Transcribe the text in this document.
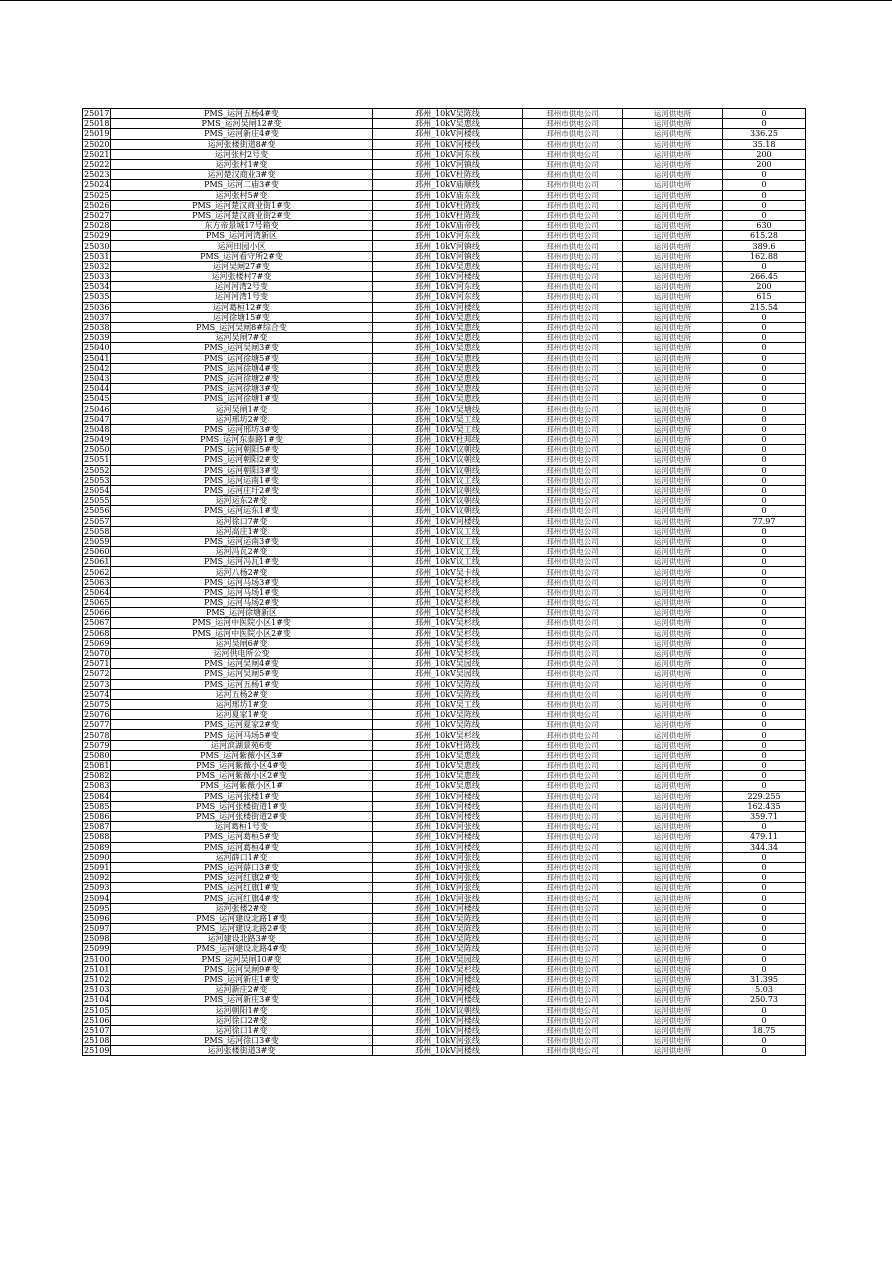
25017	PMS_运河五杨4#变	邳州_10kV吴陈线	邳州市供电公司	运河供电所	0
25018	PMS_运河吴闸12#变	邳州_10kV吴惠线	邳州市供电公司	运河供电所	0
25019	PMS_运河新庄4#变	邳州_10kV河楼线	邳州市供电公司	运河供电所	336.25
25020	运河张楼街道8#变	邳州_10kV河楼线	邳州市供电公司	运河供电所	35.18
25021	运河张村2号变	邳州_10kV河东线	邳州市供电公司	运河供电所	200
25022	运河张村1#变	邳州_10kV河镇线	邳州市供电公司	运河供电所	200
25023	运河楚汉商业3#变	邳州_10kV杜陈线	邳州市供电公司	运河供电所	0
25024	PMS_运河二庙3#变	邳州_10kV庙顺线	邳州市供电公司	运河供电所	0
25025	运河张村5#变	邳州_10kV庙东线	邳州市供电公司	运河供电所	0
25026	PMS_运河楚汉商业街1#变	邳州_10kV杜陈线	邳州市供电公司	运河供电所	0
25027	PMS_运河楚汉商业街2#变	邳州_10kV杜陈线	邳州市供电公司	运河供电所	0
25028	东方帝景城17号箱变	邳州_10kV庙帝线	邳州市供电公司	运河供电所	630
25029	PMS_运河河湾新区	邳州_10kV河东线	邳州市供电公司	运河供电所	615.28
25030	运河田园小区	邳州_10kV河镇线	邳州市供电公司	运河供电所	389.6
25031	PMS_运河看守所2#变	邳州_10kV河镇线	邳州市供电公司	运河供电所	162.88
25032	运河吴闸27#变	邳州_10kV吴惠线	邳州市供电公司	运河供电所	0
25033	运河张楼村7#变	邳州_10kV河楼线	邳州市供电公司	运河供电所	266.45
25034	运河河湾2号变	邳州_10kV河东线	邳州市供电公司	运河供电所	200
25035	运河河湾1号变	邳州_10kV河东线	邳州市供电公司	运河供电所	615
25036	运河葛桓12#变	邳州_10kV河楼线	邳州市供电公司	运河供电所	215.54
25037	运河徐塘15#变	邳州_10kV吴惠线	邳州市供电公司	运河供电所	0
25038	PMS_运河吴闸8#综合变	邳州_10kV吴惠线	邳州市供电公司	运河供电所	0
25039	运河吴闸7#变	邳州_10kV吴惠线	邳州市供电公司	运河供电所	0
25040	PMS_运河吴闸3#变	邳州_10kV吴惠线	邳州市供电公司	运河供电所	0
25041	PMS_运河徐塘5#变	邳州_10kV吴惠线	邳州市供电公司	运河供电所	0
25042	PMS_运河徐塘4#变	邳州_10kV吴惠线	邳州市供电公司	运河供电所	0
25043	PMS_运河徐塘2#变	邳州_10kV吴惠线	邳州市供电公司	运河供电所	0
25044	PMS_运河徐塘3#变	邳州_10kV吴惠线	邳州市供电公司	运河供电所	0
25045	PMS_运河徐塘1#变	邳州_10kV吴惠线	邳州市供电公司	运河供电所	0
25046	运河吴闸1#变	邳州_10kV吴塘线	邳州市供电公司	运河供电所	0
25047	运河邢坊2#变	邳州_10kV吴工线	邳州市供电公司	运河供电所	0
25048	PMS_运河邢坊3#变	邳州_10kV吴工线	邳州市供电公司	运河供电所	0
25049	PMS_运河东泰路1#变	邳州_10kV杜邦线	邳州市供电公司	运河供电所	0
25050	PMS_运河朝阳5#变	邳州_10kV议朝线	邳州市供电公司	运河供电所	0
25051	PMS_运河朝阳2#变	邳州_10kV议朝线	邳州市供电公司	运河供电所	0
25052	PMS_运河朝阳3#变	邳州_10kV议朝线	邳州市供电公司	运河供电所	0
25053	PMS_运河运南1#变	邳州_10kV议工线	邳州市供电公司	运河供电所	0
25054	PMS_运河庄圩2#变	邳州_10kV议朝线	邳州市供电公司	运河供电所	0
25055	运河运东2#变	邳州_10kV议朝线	邳州市供电公司	运河供电所	0
25056	PMS_运河运东1#变	邳州_10kV议朝线	邳州市供电公司	运河供电所	0
25057	运河徐口7#变	邳州_10kV河楼线	邳州市供电公司	运河供电所	77.97
25058	运河高庄1#变	邳州_10kV议工线	邳州市供电公司	运河供电所	0
25059	PMS_运河运南3#变	邳州_10kV议工线	邳州市供电公司	运河供电所	0
25060	运河冯瓦2#变	邳州_10kV议工线	邳州市供电公司	运河供电所	0
25061	PMS_运河冯瓦1#变	邳州_10kV议工线	邳州市供电公司	运河供电所	0
25062	运河八杨2#变	邳州_10kV吴卡线	邳州市供电公司	运河供电所	0
25063	PMS_运河马场3#变	邳州_10kV吴杉线	邳州市供电公司	运河供电所	0
25064	PMS_运河马场1#变	邳州_10kV吴杉线	邳州市供电公司	运河供电所	0
25065	PMS_运河马场2#变	邳州_10kV吴杉线	邳州市供电公司	运河供电所	0
25066	PMS_运河徐塘新区	邳州_10kV吴杉线	邳州市供电公司	运河供电所	0
25067	PMS_运河中医院小区1#变	邳州_10kV吴杉线	邳州市供电公司	运河供电所	0
25068	PMS_运河中医院小区2#变	邳州_10kV吴杉线	邳州市供电公司	运河供电所	0
25069	运河吴闸6#变	邳州_10kV吴杉线	邳州市供电公司	运河供电所	0
25070	运河供电所公变	邳州_10kV吴杉线	邳州市供电公司	运河供电所	0
25071	PMS_运河吴闸4#变	邳州_10kV吴园线	邳州市供电公司	运河供电所	0
25072	PMS_运河吴闸5#变	邳州_10kV吴园线	邳州市供电公司	运河供电所	0
25073	PMS_运河五杨1#变	邳州_10kV吴陈线	邳州市供电公司	运河供电所	0
25074	运河五杨2#变	邳州_10kV吴陈线	邳州市供电公司	运河供电所	0
25075	运河邢坊1#变	邳州_10kV吴工线	邳州市供电公司	运河供电所	0
25076	运河夏家1#变	邳州_10kV吴陈线	邳州市供电公司	运河供电所	0
25077	PMS_运河夏家2#变	邳州_10kV吴陈线	邳州市供电公司	运河供电所	0
25078	PMS_运河马场5#变	邳州_10kV吴杉线	邳州市供电公司	运河供电所	0
25079	运河滨湖景苑6变	邳州_10kV杜陈线	邳州市供电公司	运河供电所	0
25080	PMS_运河紫薇小区3#	邳州_10kV吴惠线	邳州市供电公司	运河供电所	0
25081	PMS_运河紫薇小区4#变	邳州_10kV吴惠线	邳州市供电公司	运河供电所	0
25082	PMS_运河紫薇小区2#变	邳州_10kV吴惠线	邳州市供电公司	运河供电所	0
25083	PMS_运河紫薇小区1#	邳州_10kV吴惠线	邳州市供电公司	运河供电所	0
25084	PMS_运河张楼1#变	邳州_10kV河楼线	邳州市供电公司	运河供电所	229.255
25085	PMS_运河张楼街道1#变	邳州_10kV河楼线	邳州市供电公司	运河供电所	162.435
25086	PMS_运河张楼街道2#变	邳州_10kV河楼线	邳州市供电公司	运河供电所	359.71
25087	运河葛桓1号变	邳州_10kV河张线	邳州市供电公司	运河供电所	0
25088	PMS_运河葛桓5#变	邳州_10kV河楼线	邳州市供电公司	运河供电所	479.11
25089	PMS_运河葛桓4#变	邳州_10kV河楼线	邳州市供电公司	运河供电所	344.34
25090	运河薛口1#变	邳州_10kV河张线	邳州市供电公司	运河供电所	0
25091	PMS_运河薛口3#变	邳州_10kV河张线	邳州市供电公司	运河供电所	0
25092	PMS_运河红旗2#变	邳州_10kV河张线	邳州市供电公司	运河供电所	0
25093	PMS_运河红旗1#变	邳州_10kV河张线	邳州市供电公司	运河供电所	0
25094	PMS_运河红旗4#变	邳州_10kV河张线	邳州市供电公司	运河供电所	0
25095	运河张楼2#变	邳州_10kV河楼线	邳州市供电公司	运河供电所	0
25096	PMS_运河建设北路1#变	邳州_10kV吴陈线	邳州市供电公司	运河供电所	0
25097	PMS_运河建设北路2#变	邳州_10kV吴陈线	邳州市供电公司	运河供电所	0
25098	运河建设北路3#变	邳州_10kV吴陈线	邳州市供电公司	运河供电所	0
25099	PMS_运河建设北路4#变	邳州_10kV吴陈线	邳州市供电公司	运河供电所	0
25100	PMS_运河吴闸10#变	邳州_10kV吴园线	邳州市供电公司	运河供电所	0
25101	PMS_运河吴闸9#变	邳州_10kV吴杉线	邳州市供电公司	运河供电所	0
25102	PMS_运河新庄1#变	邳州_10kV河楼线	邳州市供电公司	运河供电所	31.395
25103	运河新庄2#变	邳州_10kV河楼线	邳州市供电公司	运河供电所	5.03
25104	PMS_运河新庄3#变	邳州_10kV河楼线	邳州市供电公司	运河供电所	250.73
25105	运河朝阳1#变	邳州_10kV议朝线	邳州市供电公司	运河供电所	0
25106	运河徐口2#变	邳州_10kV河楼线	邳州市供电公司	运河供电所	0
25107	运河徐口1#变	邳州_10kV河楼线	邳州市供电公司	运河供电所	18.75
25108	PMS_运河徐口3#变	邳州_10kV河张线	邳州市供电公司	运河供电所	0
25109	运河张楼街道3#变	邳州_10kV河楼线	邳州市供电公司	运河供电所	0
